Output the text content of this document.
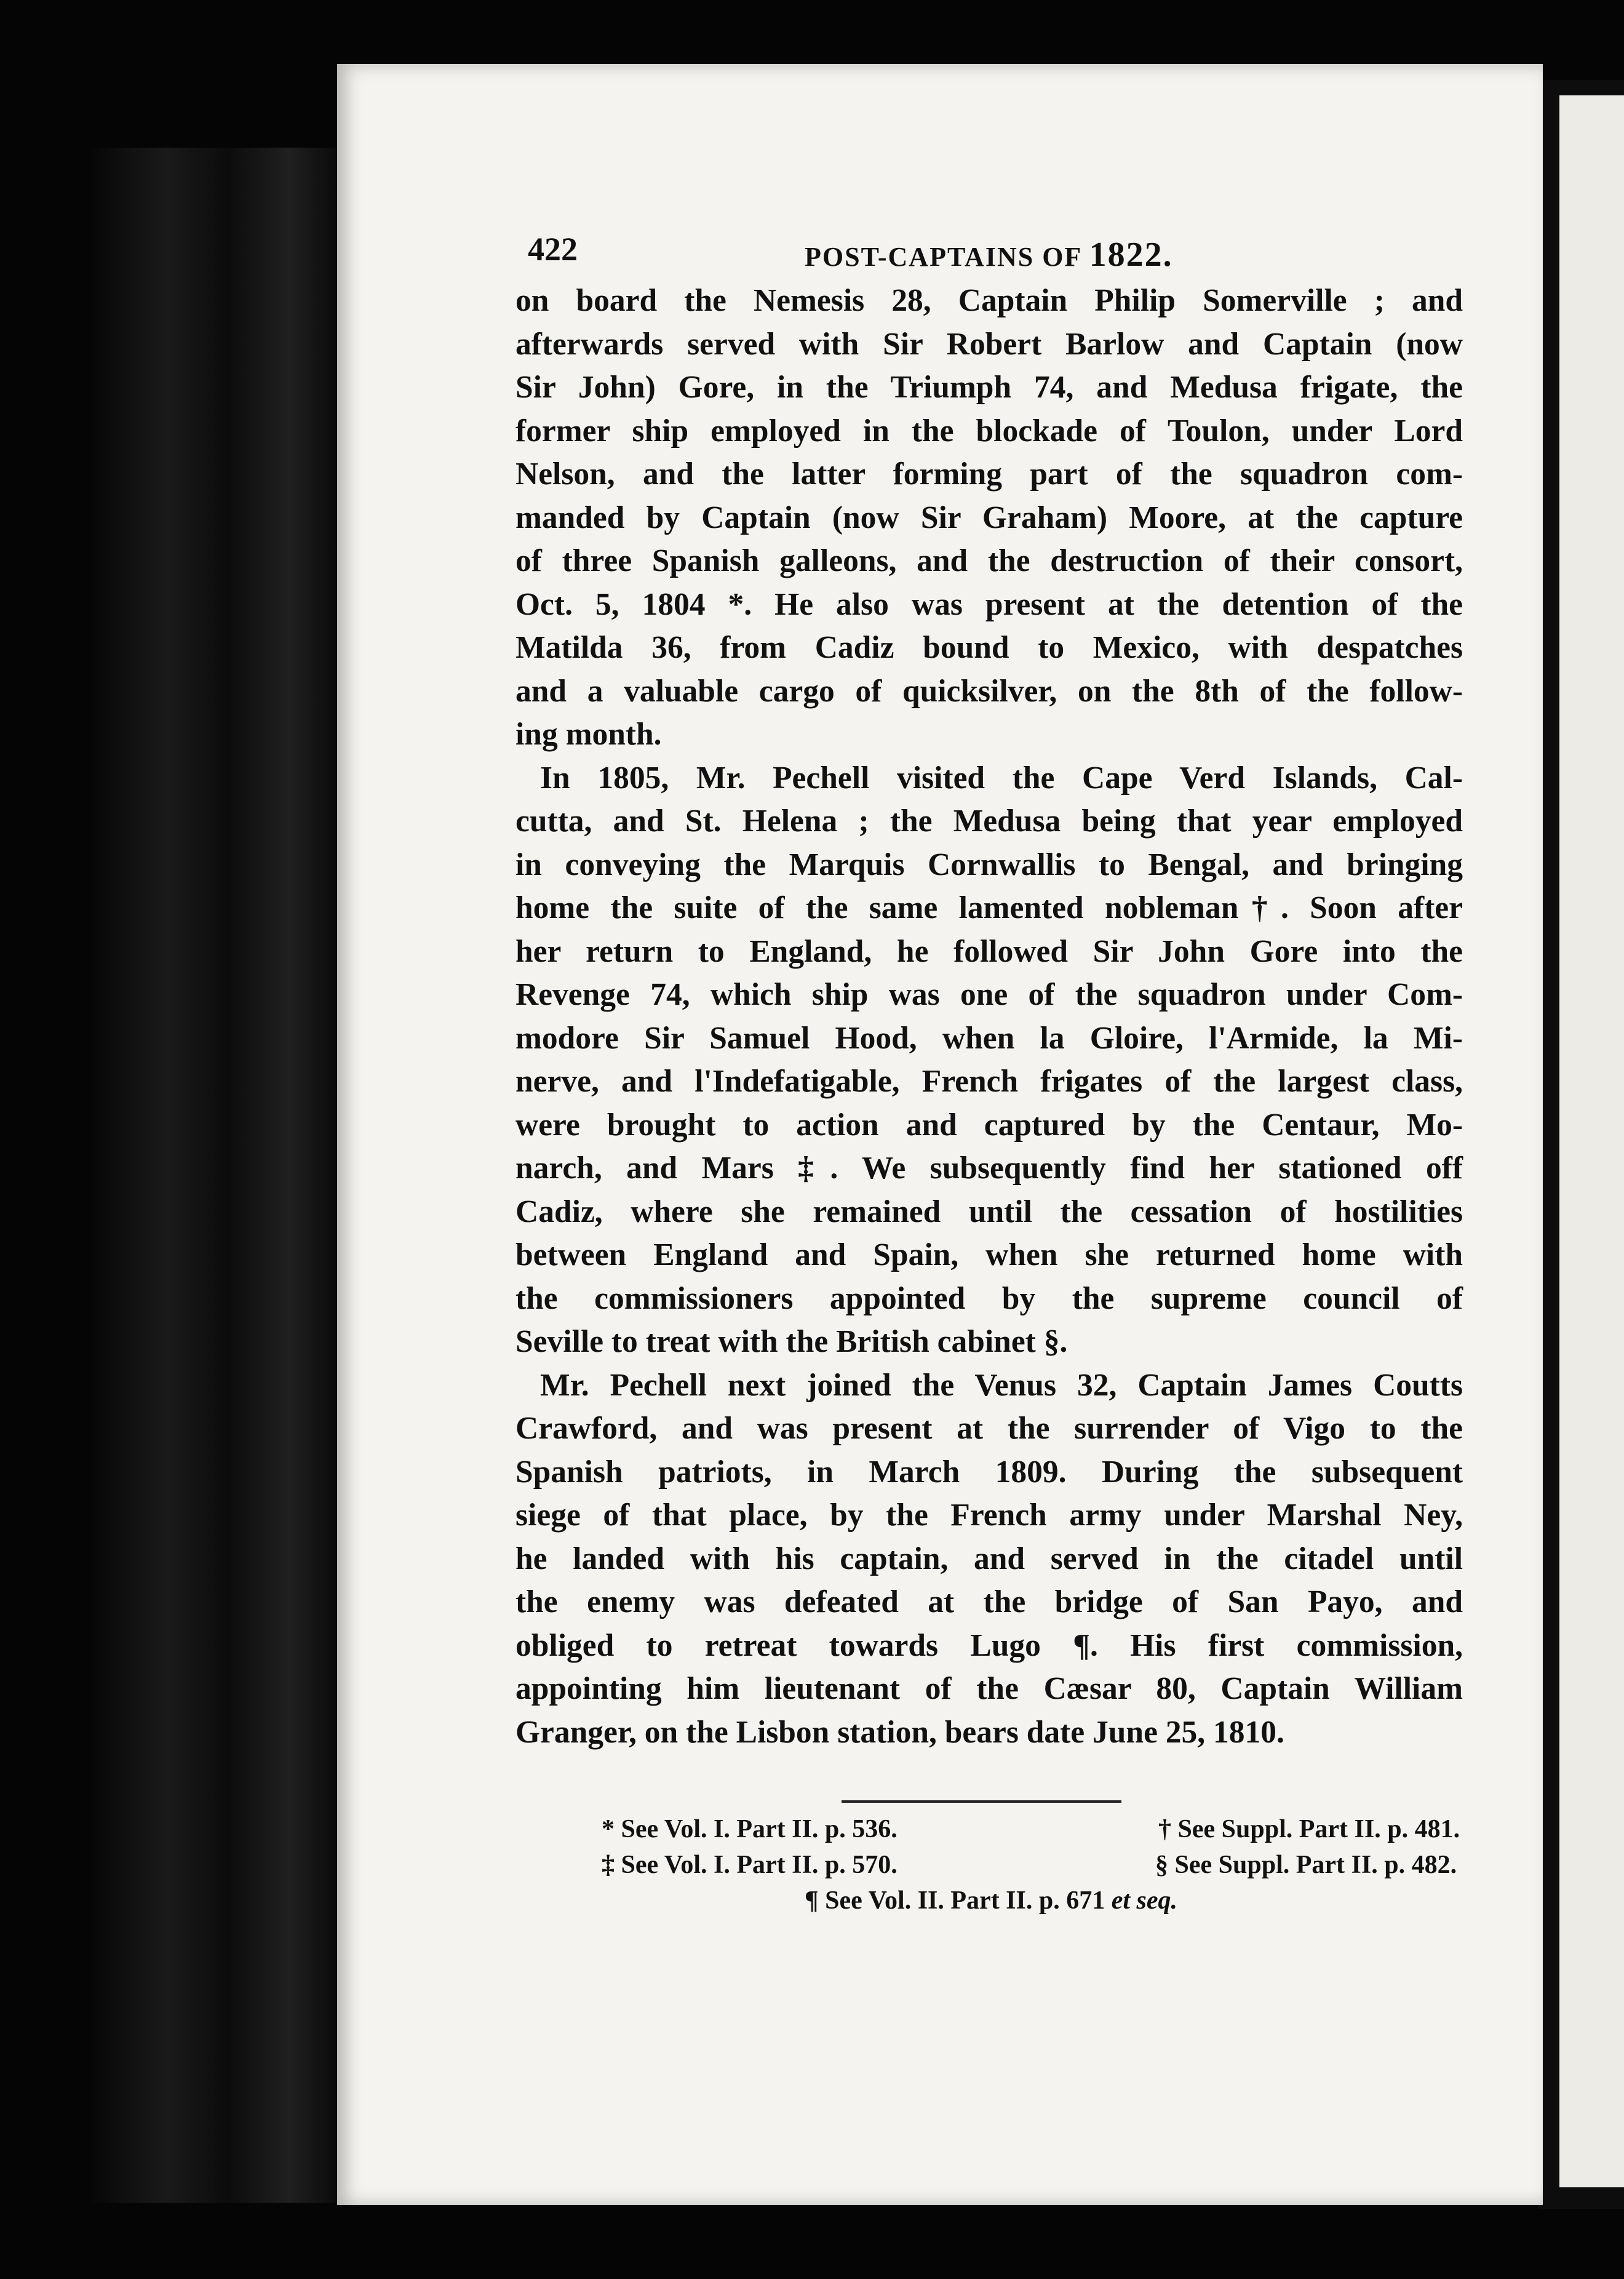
422	POST-CAPTAINS OF 1822.
on board the Nemesis 28, Captain Philip Somerville ; and
afterwards served with Sir Robert Barlow and Captain (now
Sir John) Gore, in the Triumph 74, and Medusa frigate, the
former ship employed in the blockade of Toulon, under Lord
Nelson, and the latter forming part of the squadron com-
manded by Captain (now Sir Graham) Moore, at the capture
of three Spanish galleons, and the destruction of their consort,
Oct. 5, 1804 *. He also was present at the detention of the
Matilda 36, from Cadiz bound to Mexico, with despatches
and a valuable cargo of quicksilver, on the 8th of the follow-
ing month.
In 1805, Mr. Pechell visited the Cape Verd Islands, Cal-
cutta, and St. Helena ; the Medusa being that year employed
in conveying the Marquis Cornwallis to Bengal, and bringing
home the suite of the same lamented nobleman†. Soon after
her return to England, he followed Sir John Gore into the
Revenge 74, which ship was one of the squadron under Com-
modore Sir Samuel Hood, when la Gloire, l'Armide, la Mi-
nerve, and l'Indefatigable, French frigates of the largest class,
were brought to action and captured by the Centaur, Mo-
narch, and Mars ‡. We subsequently find her stationed off
Cadiz, where she remained until the cessation of hostilities
between England and Spain, when she returned home with
the commissioners appointed by the supreme council of
Seville to treat with the British cabinet §.
Mr. Pechell next joined the Venus 32, Captain James Coutts
Crawford, and was present at the surrender of Vigo to the
Spanish patriots, in March 1809. During the subsequent
siege of that place, by the French army under Marshal Ney,
he landed with his captain, and served in the citadel until
the enemy was defeated at the bridge of San Payo, and
obliged to retreat towards Lugo ¶. His first commission,
appointing him lieutenant of the Cæsar 80, Captain William
Granger, on the Lisbon station, bears date June 25, 1810.
* See Vol. I. Part II. p. 536.	† See Suppl. Part II. p. 481.
‡ See Vol. I. Part II. p. 570.	§ See Suppl. Part II. p. 482.
¶ See Vol. II. Part II. p. 671 et seq.
